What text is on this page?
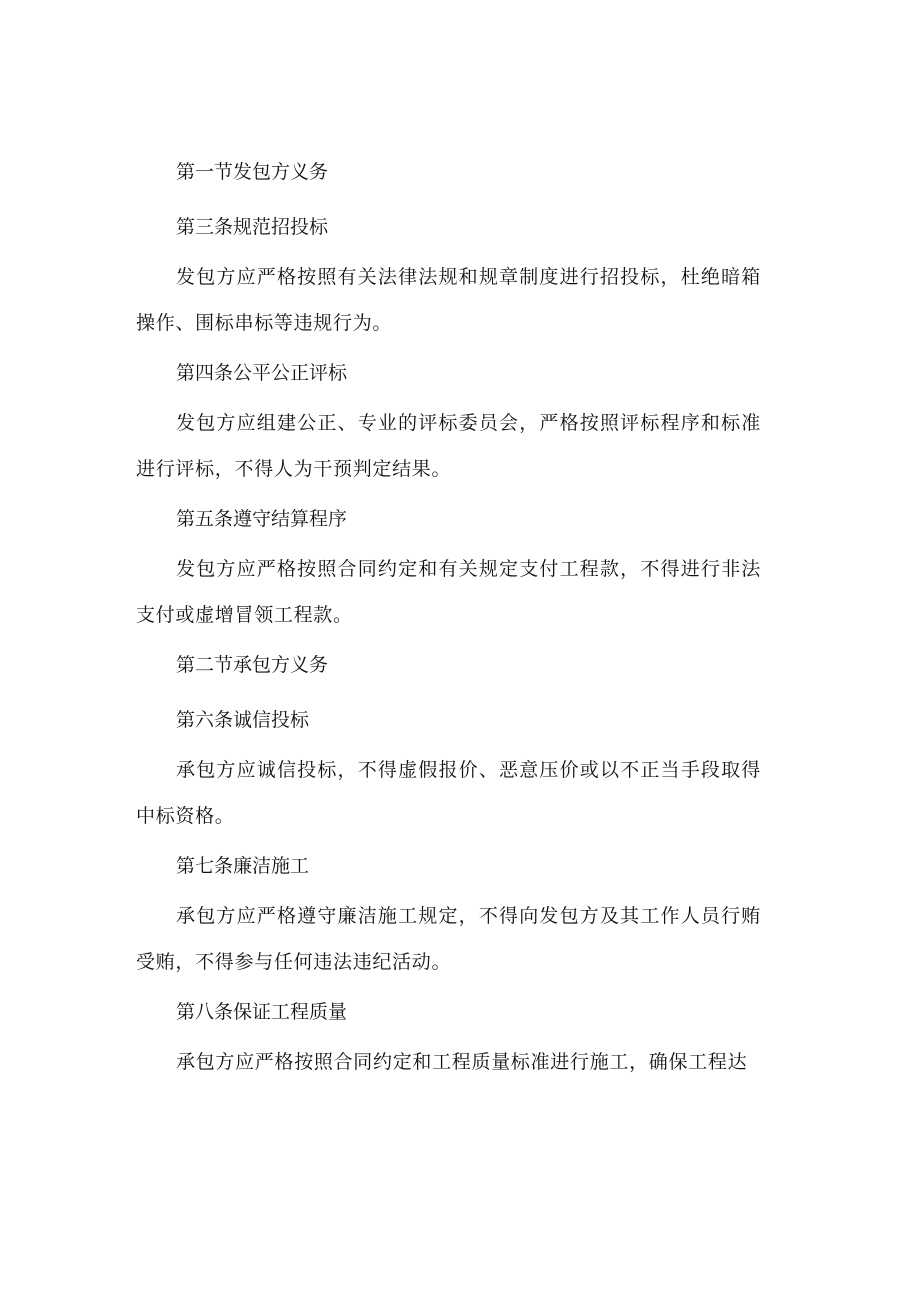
第一节发包方义务

第三条规范招投标

发包方应严格按照有关法律法规和规章制度进行招投标，杜绝暗箱操作、围标串标等违规行为。

第四条公平公正评标

发包方应组建公正、专业的评标委员会，严格按照评标程序和标准进行评标，不得人为干预判定结果。

第五条遵守结算程序

发包方应严格按照合同约定和有关规定支付工程款，不得进行非法支付或虚增冒领工程款。

第二节承包方义务

第六条诚信投标

承包方应诚信投标，不得虚假报价、恶意压价或以不正当手段取得中标资格。

第七条廉洁施工

承包方应严格遵守廉洁施工规定，不得向发包方及其工作人员行贿受贿，不得参与任何违法违纪活动。

第八条保证工程质量

承包方应严格按照合同约定和工程质量标准进行施工，确保工程达
